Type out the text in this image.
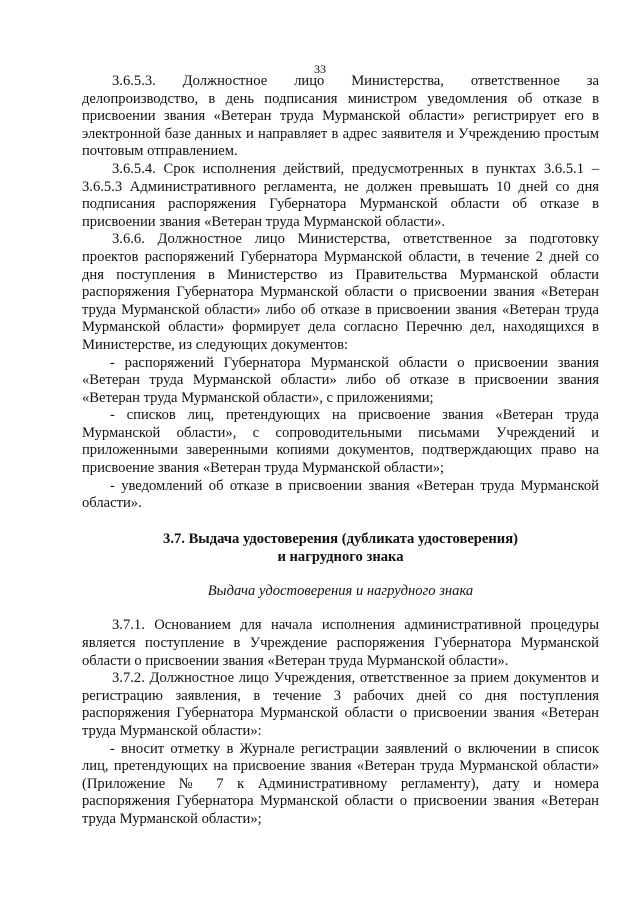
33

3.6.5.3. Должностное лицо Министерства, ответственное за делопроизводство, в день подписания министром уведомления об отказе в присвоении звания «Ветеран труда Мурманской области» регистрирует его в электронной базе данных и направляет в адрес заявителя и Учреждению простым почтовым отправлением.

3.6.5.4. Срок исполнения действий, предусмотренных в пунктах 3.6.5.1 – 3.6.5.3 Административного регламента, не должен превышать 10 дней со дня подписания распоряжения Губернатора Мурманской области об отказе в присвоении звания «Ветеран труда Мурманской области».

3.6.6. Должностное лицо Министерства, ответственное за подготовку проектов распоряжений Губернатора Мурманской области, в течение 2 дней со дня поступления в Министерство из Правительства Мурманской области распоряжения Губернатора Мурманской области о присвоении звания «Ветеран труда Мурманской области» либо об отказе в присвоении звания «Ветеран труда Мурманской области» формирует дела согласно Перечню дел, находящихся в Министерстве, из следующих документов:

- распоряжений Губернатора Мурманской области о присвоении звания «Ветеран труда Мурманской области» либо об отказе в присвоении звания «Ветеран труда Мурманской области», с приложениями;

- списков лиц, претендующих на присвоение звания «Ветеран труда Мурманской области», с сопроводительными письмами Учреждений и приложенными заверенными копиями документов, подтверждающих право на присвоение звания «Ветеран труда Мурманской области»;

- уведомлений об отказе в присвоении звания «Ветеран труда Мурманской области».

3.7. Выдача удостоверения (дубликата удостоверения)
и нагрудного знака
Выдача удостоверения и нагрудного знака

3.7.1. Основанием для начала исполнения административной процедуры является поступление в Учреждение распоряжения Губернатора Мурманской области о присвоении звания «Ветеран труда Мурманской области».

3.7.2. Должностное лицо Учреждения, ответственное за прием документов и регистрацию заявления, в течение 3 рабочих дней со дня поступления распоряжения Губернатора Мурманской области о присвоении звания «Ветеран труда Мурманской области»:

- вносит отметку в Журнале регистрации заявлений о включении в список лиц, претендующих на присвоение звания «Ветеран труда Мурманской области» (Приложение № 7 к Административному регламенту), дату и номера распоряжения Губернатора Мурманской области о присвоении звания «Ветеран труда Мурманской области»;
